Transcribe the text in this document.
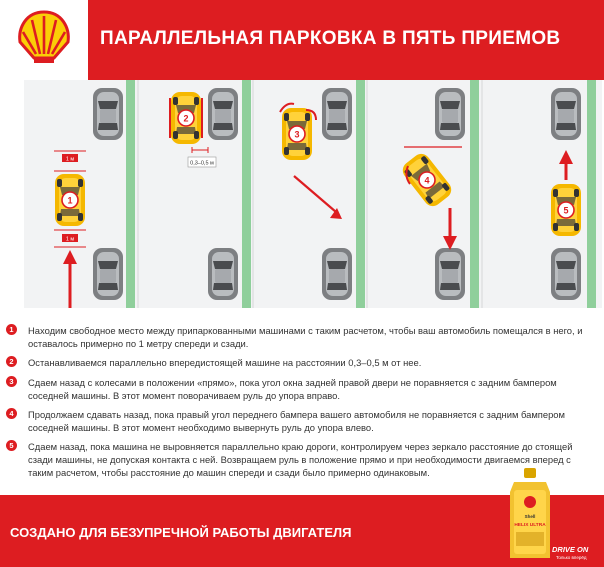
ПАРАЛЛЕЛЬНАЯ ПАРКОВКА В ПЯТЬ ПРИЕМОВ
1
1 м
1 м
2
0,3–0,5 м
3
4
5
1	Находим свободное место между припаркованными машинами с таким расчетом, чтобы ваш автомобиль помещался в него, и оставалось примерно по 1 метру спереди и сзади.
2	Останавливаемся параллельно впередистоящей машине на расстоянии 0,3–0,5 м от нее.
3	Сдаем назад с колесами в положении «прямо», пока угол окна задней правой двери не поравняется с задним бампером соседней машины. В этот момент поворачиваем руль до упора вправо.
4	Продолжаем сдавать назад, пока правый угол переднего бампера вашего автомобиля не поравняется с задним бампером соседней машины. В этот момент необходимо вывернуть руль до упора влево.
5	Сдаем назад, пока машина не выровняется параллельно краю дороги, контролируем через зеркало расстояние до стоящей сзади машины, не допуская контакта с ней. Возвращаем руль в положение прямо и при необходимости двигаемся вперед с таким расчетом, чтобы расстояние до машин спереди и сзади было примерно одинаковым.
СОЗДАНО ДЛЯ БЕЗУПРЕЧНОЙ РАБОТЫ ДВИГАТЕЛЯ
Shell
HELIX ULTRA
DRIVE ON
Только вперёд
